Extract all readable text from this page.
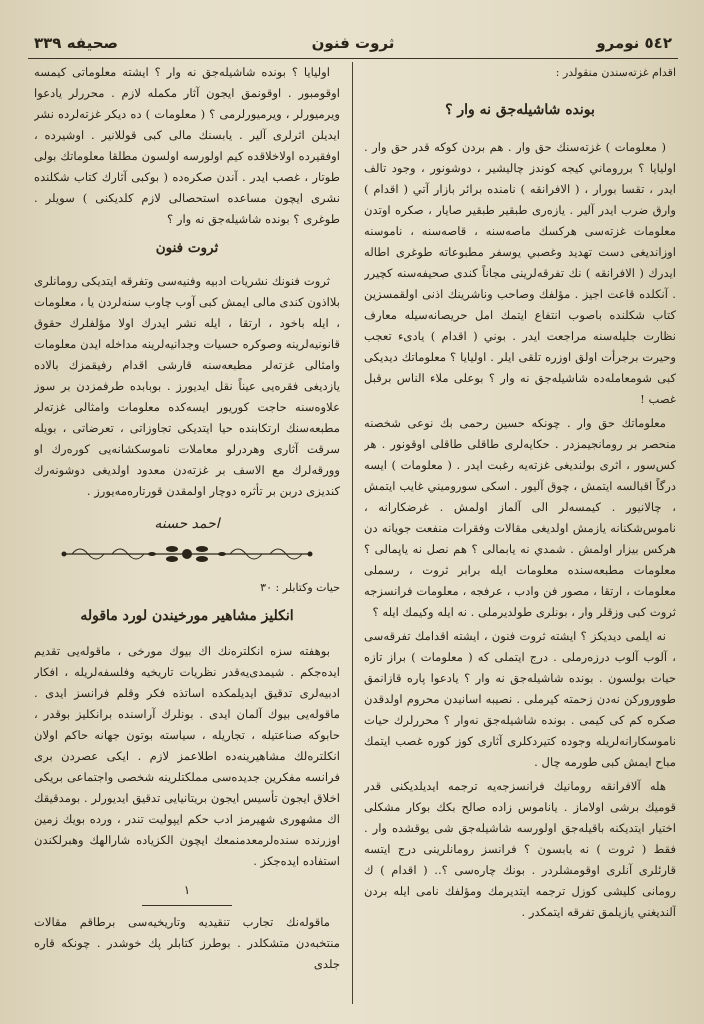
٥٤٢ نومرو
ثروت فنون
صحيفه ٣٣٩
اقدام غزته‌سندن منقولدر :
بونده شاشيله‌جق نه وار ؟

( معلومات ) غزته‌سنك حق وار . هم بردن كوكه قدر حق وار . اوليايا ؟ برروماني كيجه كوندز چاليشير ، دوشونور ، وجود تالف ايدر ، تقسا بورار ، ( الافرانقه ) نامنده برائر بازار آتي ( اقدام ) وارق ضرب ايدر آلير . يازه‌رى طبقير طبقير صايار ، صكره اوتدن معلومات غزته‌سى هركسك ماصه‌سنه ، قاصه‌سنه ، ناموسنه اوزانديغى دست تهديد وغصبي يوسفر مطبوعاته طوغرى اطاله ايدرك ( الافرانقه ) نك تفرقه‌لرينى مجاناً كندى صحيفه‌سنه كچيرر . آنكلده قاعت اجيز . مؤلفك وصاحب وناشرينك اذنى اولقمسزين كتاب شكلنده باصوب انتفاع ايتمك امل حريصانه‌سيله معارف نظارت جليله‌سنه مراجعت ايدر . بوني ( اقدام ) يادى‌ء تعجب وحيرت برجرأت اولق اوزره تلقى ايلر . اوليايا ؟ معلوماتك ديديكى كبى شومعامله‌ده شاشيله‌جق نه وار ؟ بوعلى ملاء الناس برقبل غصب !

معلوماتك حق وار . چونكه حسين رحمى بك نوعى شخصنه منحصر بر رومانجيمزدر . حكايه‌لرى طاقلى طاقلى اوقونور . هر كس‌سور ، اثرى بولنديغى غزته‌يه رغبت ايدر . ( معلومات ) ايسه درگاً اقبالسه ايتمش ، چوق آليور . اسكى سوروميني غايب ايتمش ، چالانيور . كيمسه‌لر الى آلماز اولمش . غرضكارانه ، ناموس‌شكنانه يازمش اولديغى مقالات وفقرات منفعت جويانه‌ دن هركس بيزار اولمش . شمدي نه يابمالى ؟ هم نصل نه ياپمالى ؟ معلومات مطبعه‌سنده معلومات ايله برابر ثروت ، رسملى معلومات ، ارتقا ، مصور فن وادب ، عرفجه ، معلومات فرانسزجه ثروت كبى وزقلر وار ، بونلرى طولديرملى . نه ايله وكيمك ايله ؟

نه ايلمى ديديكز ؟ ايشته ثروت فنون ، ايشته اقدامك تفرقه‌سى ، آلوب آلوب درزه‌رملى . درج ايتملى كه ( معلومات ) براز تازه حيات بولسون . بونده شاشيله‌جق نه وار ؟ يادعوا پاره قازانمق طووروركن نه‌دن زحمته كيرملى . نصيبه اسانيدن محروم اولدقدن صكره كم كى كيمى . بونده شاشيله‌جق نه‌وار ؟ محررلرك حيات ناموسكارانه‌لريله وجوده كتيردكلرى آثارى كوز كوره غصب ايتمك مباح ايمش كبى طورمه چال .

هله آلافرانقه رومانيك فرانسزجه‌يه ترجمه ايديلديكنى قدر قوميك برشى اولاماز . ياناموس زاده صالح بكك بوكار مشكلى اختيار ايتديكنه باقيله‌جق اولورسه شاشيله‌جق شى يوقشده وار . فقط ( ثروت ) نه يابسون ؟ فرانسز رومانلرينى درج ايتسه قارئلرى آنلرى اوقومشلردر . بونك چاره‌سى ؟.. ( اقدام ) ك رومانى كليشى كوزل ترجمه ايتديرمك ومؤلفك نامى ايله بردن آلنديغني يازيلمق تفرقه ايتمكدر .

اوليايا ؟ بونده شاشيله‌جق نه وار ؟ ايشته معلوماتى كيمسه اوقومبور . اوقونمق ايجون آثار مكمله لازم . محررلر يادعوا ويرميورلر ، ويرميورلرمى ؟ ( معلومات ) ده ديكر غزته‌لرده نشر ايديلن اثرلرى آلير . يابسنك مالى كبى قوللانير . اوشيرده ، اوفقيرده اولاخلاقده كيم اولورسه اولسون مطلقا معلوماتك بولى طوتار ، غصب ايدر . آندن صكره‌ده ( بوكبى آثارك كتاب شكلنده نشرى ايچون مساعده استحصالى لازم كلديكنى ) سويلر . طوغرى ؟ بونده شاشيله‌جق نه وار ؟

ثروت فنون

ثروت فنونك نشريات ادبيه وفنيه‌سى وتفرقه ايتديكى رومانلرى بلااذون كندى مالى ايمش كبى آوب چاوب سنه‌لردن يا ، معلومات ، ايله باخود ، ارتقا ، ايله نشر ايدرك اولا مؤلفلرك حقوق قانونيه‌لرينه وصوكره حسيات وجدانيه‌لرينه مداخله ايدن معلومات وامثالى غزته‌لر مطبعه‌سنه قارشى اقدام رفيقمزك بالاده يازديغى فقره‌يى عيناً نقل ايديورز . بوبابده طرفمزدن بر سوز علاوه‌سنه حاجت كوريور ايسه‌كده معلومات وامثالى غزته‌لر مطبعه‌سنك ارتكابنده حيا ايتديكى تجاوزاتى ، تعرضاتى ، بويله سرقت آثارى وهردرلو معاملات ناموسكشانه‌يى كوره‌رك او وورقه‌لرك مع الاسف بر غزته‌دن معدود اولديغى دوشونه‌رك كنديزى دربن بر تأثره دوچار اولمقدن قورتاره‌مه‌يورز .

احمد حسنه
حيات وكتابلر : ٣٠
انكليز مشاهير مورخيندن لورد ماقوله

بوهفته سزه انكلتره‌نك اك بيوك مورخى ، ماقوله‌يى تقديم ايده‌جكم . شيمدى‌يه‌قدر نظريات تاريخيه وفلسفه‌لريله ، افكار ادبيه‌لرى تدقيق ايديلمكده اساتذه فكر وقلم فرانسز ايدى . ماقوله‌يى بيوك آلمان ايدى . بونلرك آراسنده برانكليز بوقدر ، حابوكه صناعتيله ، تجاريله ، سياسته بوتون جهانه حاكم اولان انكلتره‌لك مشاهيرينه‌ده اطلاعمز لازم . ايكى عصردن برى فرانسه مفكرين جديده‌سى مملكتلرينه شخصى واجتماعى بريكى اخلاق ايجون تأسيس ايجون بريتانيايى تدقيق ايديورلر . بومدقيقك اك مشهورى شهيرمز ادب حكم ايپوليت تندر ، ورده بويك زمين اوزرنده سنده‌لرمعدمنمعك ايچون الكزياده شارالهك وهبرلكندن استفاده ايده‌جكز .

١

ماقوله‌نك تجارب تنقيديه وتاريخيه‌سى برطاقم مقالات منتخبه‌دن متشكلدر . بوطرز كتابلر پك خوشدر . چونكه قاره جلدى
